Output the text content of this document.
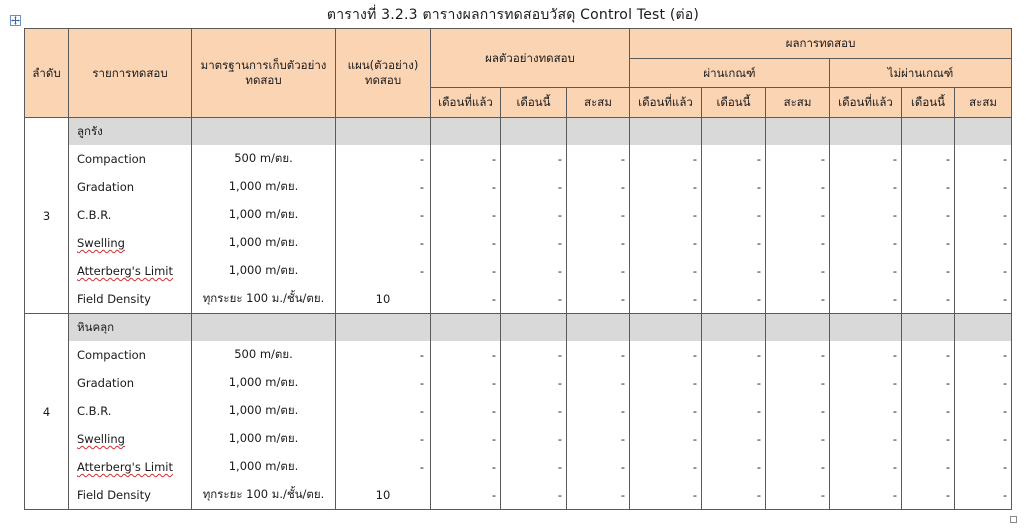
ตารางที่ 3.2.3 ตารางผลการทดสอบวัสดุ Control Test (ต่อ)
ลำดับ	รายการทดสอบ	มาตรฐานการเก็บตัวอย่างทดสอบ	แผน(ตัวอย่าง) ทดสอบ	ผลตัวอย่างทดสอบ			ผลการทดสอบ					
							ผ่านเกณฑ์			ไม่ผ่านเกณฑ์		
				เดือนที่แล้ว	เดือนนี้	สะสม	เดือนที่แล้ว	เดือนนี้	สะสม	เดือนที่แล้ว	เดือนนี้	สะสม
3	ลูกรัง											
	Compaction	500 m/ตย.	-	-	-	-	-	-	-	-	-	-
	Gradation	1,000 m/ตย.	-	-	-	-	-	-	-	-	-	-
	C.B.R.	1,000 m/ตย.	-	-	-	-	-	-	-	-	-	-
	Swelling	1,000 m/ตย.	-	-	-	-	-	-	-	-	-	-
	Atterberg's Limit	1,000 m/ตย.	-	-	-	-	-	-	-	-	-	-
	Field Density	ทุกระยะ 100 ม./ชั้น/ตย.	10	-	-	-	-	-	-	-	-	-
4	หินคลุก											
	Compaction	500 m/ตย.	-	-	-	-	-	-	-	-	-	-
	Gradation	1,000 m/ตย.	-	-	-	-	-	-	-	-	-	-
	C.B.R.	1,000 m/ตย.	-	-	-	-	-	-	-	-	-	-
	Swelling	1,000 m/ตย.	-	-	-	-	-	-	-	-	-	-
	Atterberg's Limit	1,000 m/ตย.	-	-	-	-	-	-	-	-	-	-
	Field Density	ทุกระยะ 100 ม./ชั้น/ตย.	10	-	-	-	-	-	-	-	-	-
